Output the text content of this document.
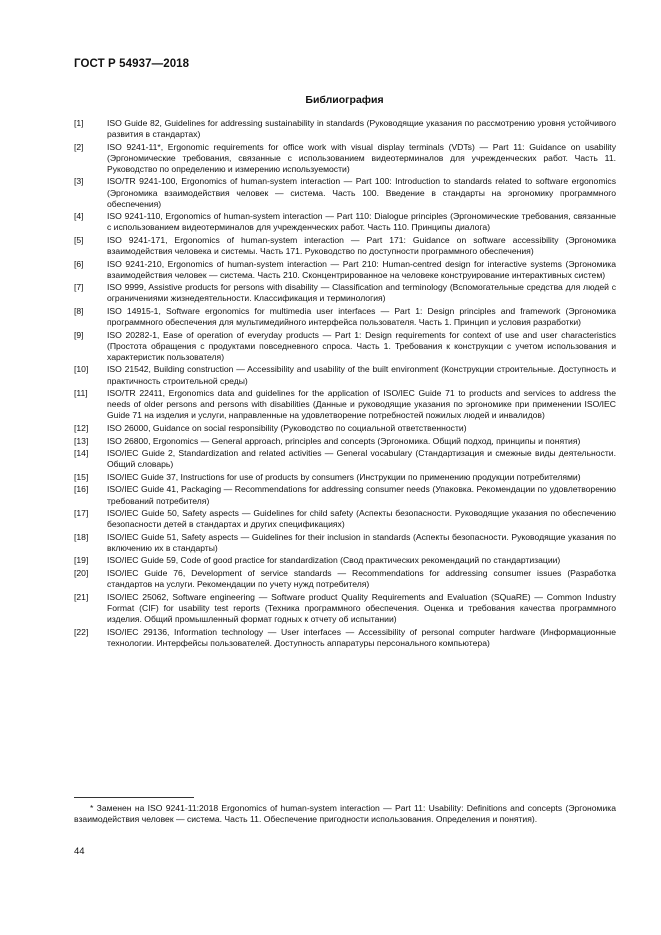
ГОСТ Р 54937—2018
Библиография
[1]	ISO Guide 82, Guidelines for addressing sustainability in standards (Руководящие указания по рассмотрению уровня устойчивого развития в стандартах)
[2]	ISO 9241-11*, Ergonomic requirements for office work with visual display terminals (VDTs) — Part 11: Guidance on usability (Эргономические требования, связанные с использованием видеотерминалов для учрежденческих работ. Часть 11. Руководство по определению и измерению используемости)
[3]	ISO/TR 9241-100, Ergonomics of human-system interaction — Part 100: Introduction to standards related to software ergonomics (Эргономика взаимодействия человек — система. Часть 100. Введение в стандарты на эргономику программного обеспечения)
[4]	ISO 9241-110, Ergonomics of human-system interaction — Part 110: Dialogue principles (Эргономические требования, связанные с использованием видеотерминалов для учрежденческих работ. Часть 110. Принципы диалога)
[5]	ISO 9241-171, Ergonomics of human-system interaction — Part 171: Guidance on software accessibility (Эргономика взаимодействия человека и системы. Часть 171. Руководство по доступности программного обеспечения)
[6]	ISO 9241-210, Ergonomics of human-system interaction — Part 210: Human-centred design for interactive systems (Эргономика взаимодействия человек — система. Часть 210. Сконцентрированное на человеке конструирование интерактивных систем)
[7]	ISO 9999, Assistive products for persons with disability — Classification and terminology (Вспомогательные средства для людей с ограничениями жизнедеятельности. Классификация и терминология)
[8]	ISO 14915-1, Software ergonomics for multimedia user interfaces — Part 1: Design principles and framework (Эргономика программного обеспечения для мультимедийного интерфейса пользователя. Часть 1. Принцип и условия разработки)
[9]	ISO 20282-1, Ease of operation of everyday products — Part 1: Design requirements for context of use and user characteristics (Простота обращения с продуктами повседневного спроса. Часть 1. Требования к конструкции с учетом использования и характеристик пользователя)
[10]	ISO 21542, Building construction — Accessibility and usability of the built environment (Конструкции строительные. Доступность и практичность строительной среды)
[11]	ISO/TR 22411, Ergonomics data and guidelines for the application of ISO/IEC Guide 71 to products and services to address the needs of older persons and persons with disabilities (Данные и руководящие указания по эргономике при применении ISO/IEC Guide 71 на изделия и услуги, направленные на удовлетворение потребностей пожилых людей и инвалидов)
[12]	ISO 26000, Guidance on social responsibility (Руководство по социальной ответственности)
[13]	ISO 26800, Ergonomics — General approach, principles and concepts (Эргономика. Общий подход, принципы и понятия)
[14]	ISO/IEC Guide 2, Standardization and related activities — General vocabulary (Стандартизация и смежные виды деятельности. Общий словарь)
[15]	ISO/IEC Guide 37, Instructions for use of products by consumers (Инструкции по применению продукции потребителями)
[16]	ISO/IEC Guide 41, Packaging — Recommendations for addressing consumer needs (Упаковка. Рекомендации по удовлетворению требований потребителя)
[17]	ISO/IEC Guide 50, Safety aspects — Guidelines for child safety (Аспекты безопасности. Руководящие указания по обеспечению безопасности детей в стандартах и других спецификациях)
[18]	ISO/IEC Guide 51, Safety aspects — Guidelines for their inclusion in standards (Аспекты безопасности. Руководящие указания по включению их в стандарты)
[19]	ISO/IEC Guide 59, Code of good practice for standardization (Свод практических рекомендаций по стандартизации)
[20]	ISO/IEC Guide 76, Development of service standards — Recommendations for addressing consumer issues (Разработка стандартов на услуги. Рекомендации по учету нужд потребителя)
[21]	ISO/IEC 25062, Software engineering — Software product Quality Requirements and Evaluation (SQuaRE) — Common Industry Format (CIF) for usability test reports (Техника программного обеспечения. Оценка и требования качества программного изделия. Общий промышленный формат годных к отчету об испытании)
[22]	ISO/IEC 29136, Information technology — User interfaces — Accessibility of personal computer hardware (Информационные технологии. Интерфейсы пользователей. Доступность аппаратуры персонального компьютера)
* Заменен на ISO 9241-11:2018 Ergonomics of human-system interaction — Part 11: Usability: Definitions and concepts (Эргономика взаимодействия человек — система. Часть 11. Обеспечение пригодности использования. Определения и понятия).
44
